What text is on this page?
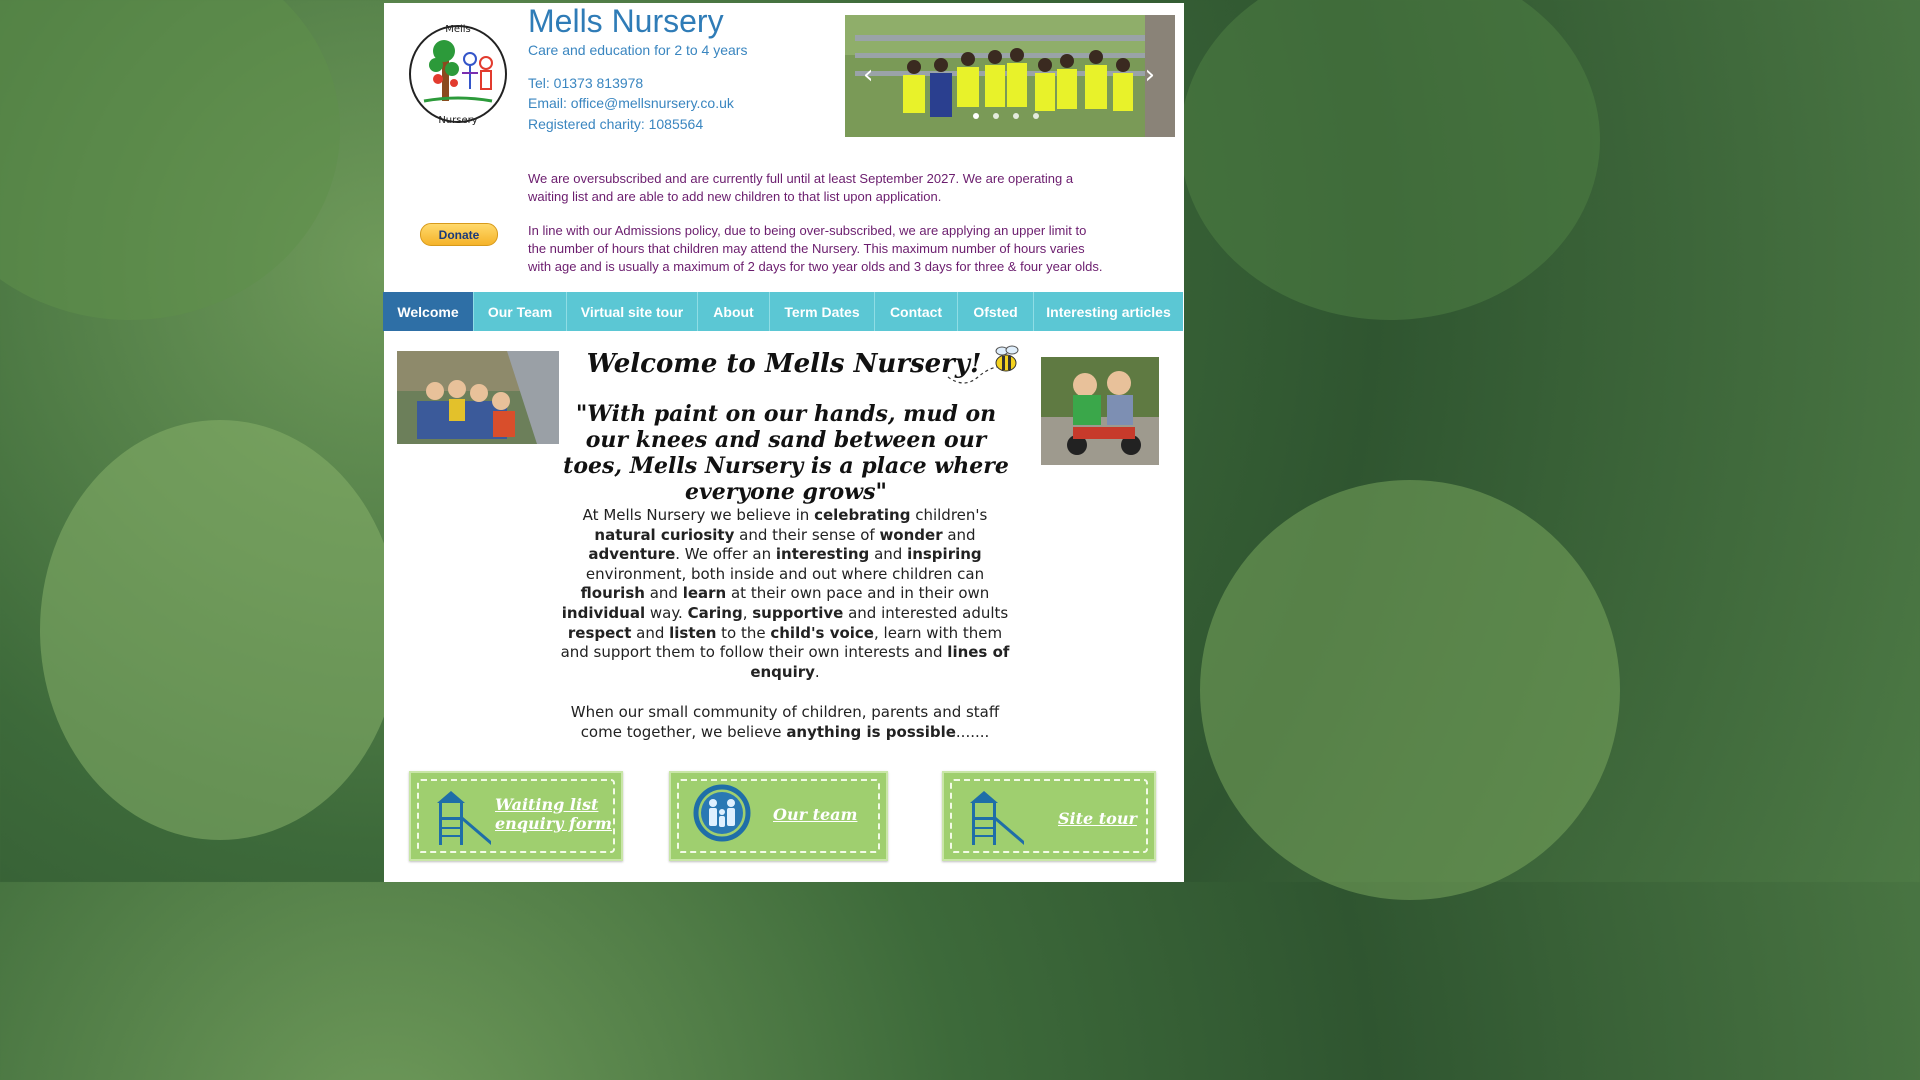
Mells
Nursery
Mells Nursery
Care and education for 2 to 4 years
Tel: 01373 813978
Email: office@mellsnursery.co.uk
Registered charity: 1085564
‹	›
We are oversubscribed and are currently full until at least September 2027. We are operating a waiting list and are able to add new children to that list upon application.
In line with our Admissions policy, due to being over-subscribed, we are applying an upper limit to the number of hours that children may attend the Nursery. This maximum number of hours varies with age and is usually a maximum of 2 days for two year olds and 3 days for three & four year olds.
Donate
Welcome	Our Team	Virtual site tour	About	Term Dates	Contact	Ofsted	Interesting articles
Welcome to Mells Nursery!
"With paint on our hands, mud on our knees and sand between our toes, Mells Nursery is a place where everyone grows"
At Mells Nursery we believe in celebrating children's natural curiosity and their sense of wonder and adventure. We offer an interesting and inspiring environment, both inside and out where children can flourish and learn at their own pace and in their own individual way. Caring, supportive and interested adults respect and listen to the child's voice, learn with them and support them to follow their own interests and lines of enquiry.
When our small community of children, parents and staff come together, we believe anything is possible.......
Waiting list
enquiry form	Our team	Site tour
